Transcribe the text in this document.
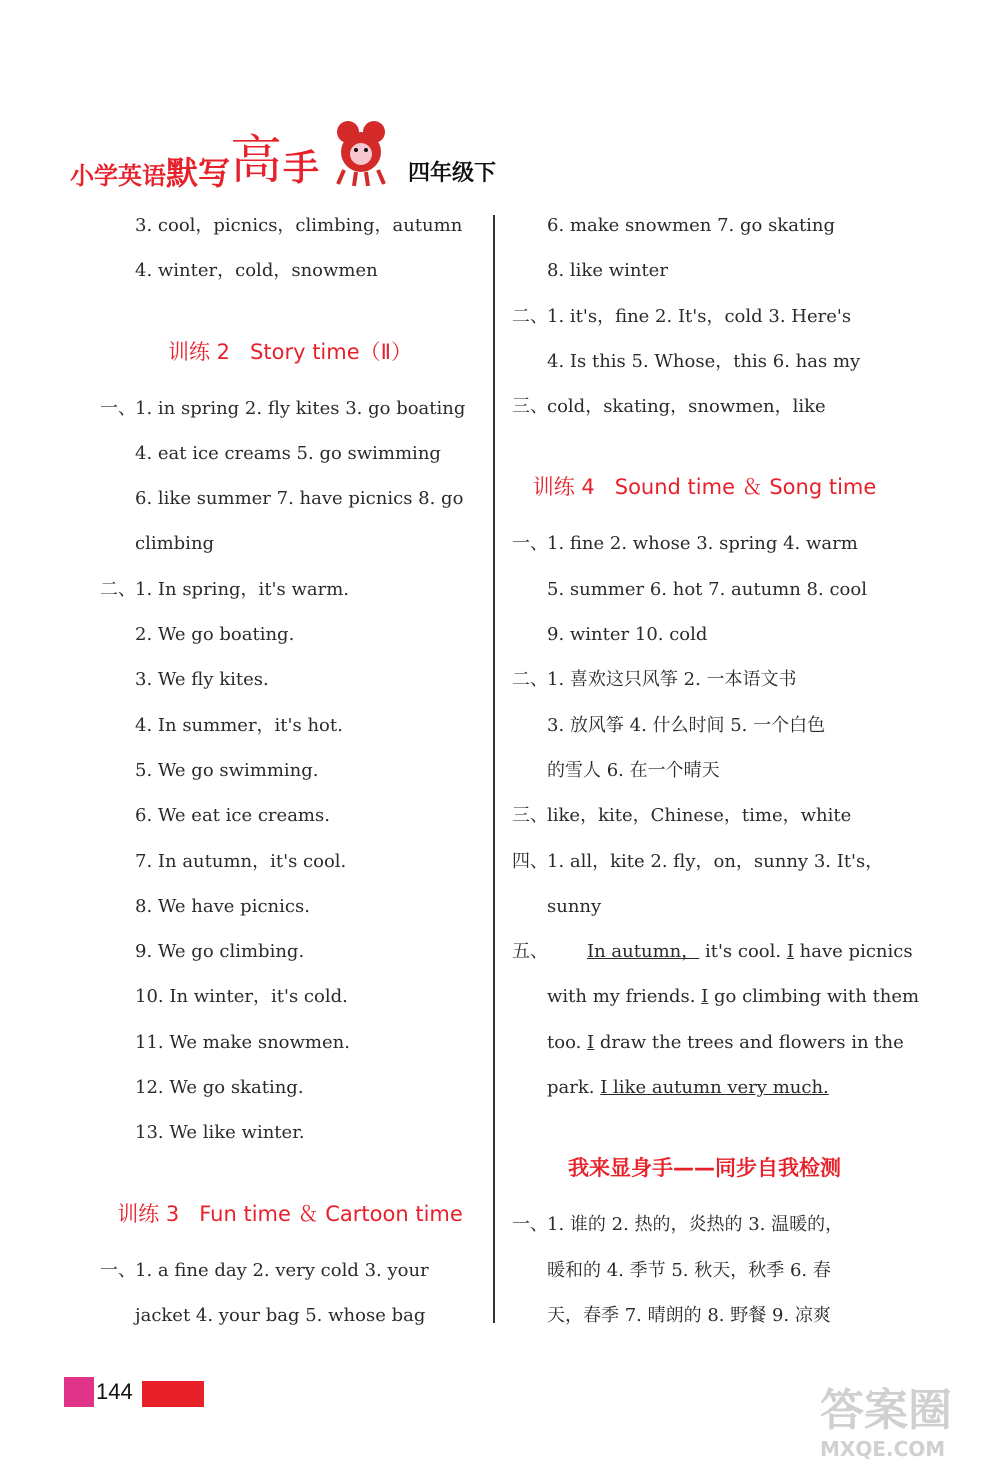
小学英语 默写 高 手	四年级下
3. cool，picnics，climbing，autumn
4. winter，cold，snowmen
训练 2 Story time（Ⅱ）
一、 1. in spring 2. fly kites 3. go boating
4. eat ice creams 5. go swimming
6. like summer 7. have picnics 8. go
climbing
二、 1. In spring，it's warm.
2. We go boating.
3. We fly kites.
4. In summer，it's hot.
5. We go swimming.
6. We eat ice creams.
7. In autumn，it's cool.
8. We have picnics.
9. We go climbing.
10. In winter，it's cold.
11. We make snowmen.
12. We go skating.
13. We like winter.
训练 3 Fun time ＆ Cartoon time
一、 1. a fine day 2. very cold 3. your
jacket 4. your bag 5. whose bag
6. make snowmen 7. go skating
8. like winter
二、 1. it's，fine 2. It's，cold 3. Here's
4. Is this 5. Whose，this 6. has my
三、 cold，skating，snowmen，like
训练 4 Sound time ＆ Song time
一、 1. fine 2. whose 3. spring 4. warm
5. summer 6. hot 7. autumn 8. cool
9. winter 10. cold
二、 1. 喜欢这只风筝 2. 一本语文书
3. 放风筝 4. 什么时间 5. 一个白色
的雪人 6. 在一个晴天
三、 like，kite，Chinese，time，white
四、 1. all，kite 2. fly，on，sunny 3. It's，
sunny
五、 In autumn， it's cool. I have picnics
with my friends. I go climbing with them
too. I draw the trees and flowers in the
park. I like autumn very much.
我来显身手——同步自我检测
一、 1. 谁的 2. 热的，炎热的 3. 温暖的，
暖和的 4. 季节 5. 秋天，秋季 6. 春
天，春季 7. 晴朗的 8. 野餐 9. 凉爽
144	答案圈
MXQE.COM
